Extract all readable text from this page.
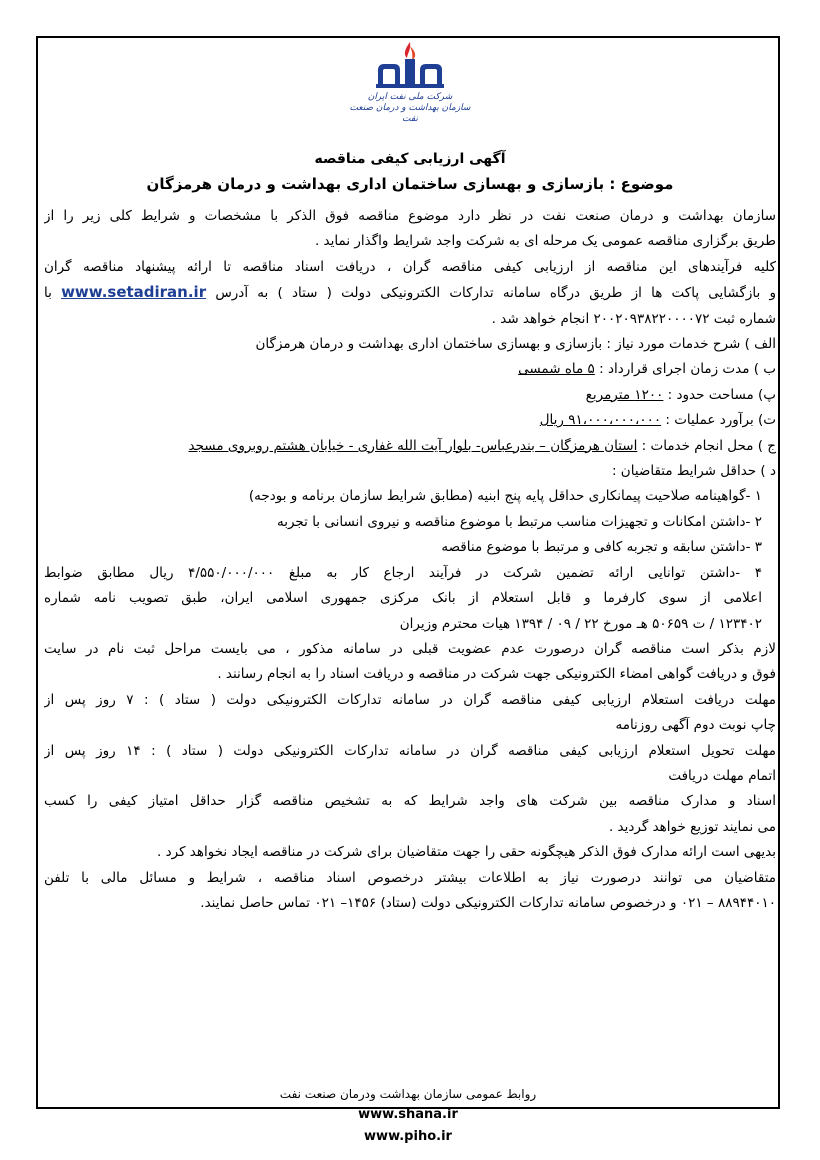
شرکت ملی نفت ایران
سازمان بهداشت و درمان صنعت نفت
آگهی ارزیابی کیفی مناقصه
موضوع : بازسازی و بهسازی ساختمان اداری بهداشت و درمان هرمزگان
سازمان بهداشت و درمان صنعت نفت در نظر دارد موضوع مناقصه فوق الذکر با مشخصات و شرایط کلی زیر را از
طریق برگزاری مناقصه عمومی یک مرحله ای به شرکت واجد شرایط واگذار نماید .
کلیه فرآیندهای این مناقصه از ارزیابی کیفی مناقصه گران ، دریافت اسناد مناقصه تا ارائه پیشنهاد مناقصه گران
و بازگشایی پاکت ها از طریق درگاه سامانه تدارکات الکترونیکی دولت ( ستاد ) به آدرس www.setadiran.ir با
شماره ثبت ۲۰۰۲۰۹۳۸۲۲۰۰۰۰۷۲ انجام خواهد شد .
الف ) شرح خدمات مورد نیاز : بازسازی و بهسازی ساختمان اداری بهداشت و درمان هرمزگان
ب ) مدت زمان اجرای قرارداد : ۵ ماه شمسی
پ) مساحت حدود : ۱۲۰۰ مترمربع
ت) برآورد عملیات : ۹۱،۰۰۰،۰۰۰،۰۰۰ ریال
ج ) محل انجام خدمات : استان هرمزگان – بندرعباس- بلوار آیت الله غفاری - خیابان هشتم روبروی مسجد
د ) حداقل شرایط متقاضیان :
۱ -گواهینامه صلاحیت پیمانکاری حداقل پایه پنج ابنیه (مطابق شرایط سازمان برنامه و بودجه)
۲ -داشتن امکانات و تجهیزات مناسب مرتبط با موضوع مناقصه و نیروی انسانی با تجربه
۳ -داشتن سابقه و تجربه کافی و مرتبط با موضوع مناقصه
۴ -داشتن توانایی ارائه تضمین شرکت در فرآیند ارجاع کار به مبلغ ۴/۵۵۰/۰۰۰/۰۰۰ ریال مطابق ضوابط
اعلامی از سوی کارفرما و قابل استعلام از بانک مرکزی جمهوری اسلامی ایران، طبق تصویب نامه شماره
۱۲۳۴۰۲ / ت ۵۰۶۵۹ هـ مورخ ۲۲ / ۰۹ / ۱۳۹۴ هیات محترم وزیران
لازم بذکر است مناقصه گران درصورت عدم عضویت قبلی در سامانه مذکور ، می بایست مراحل ثبت نام در سایت
فوق و دریافت گواهی امضاء الکترونیکی جهت شرکت در مناقصه و دریافت اسناد را به انجام رسانند .
مهلت دریافت استعلام ارزیابی کیفی مناقصه گران در سامانه تدارکات الکترونیکی دولت ( ستاد ) : ۷ روز پس از
چاپ نوبت دوم آگهی روزنامه
مهلت تحویل استعلام ارزیابی کیفی مناقصه گران در سامانه تدارکات الکترونیکی دولت ( ستاد ) : ۱۴ روز پس از
اتمام مهلت دریافت
اسناد و مدارک مناقصه بین شرکت های واجد شرایط که به تشخیص مناقصه گزار حداقل امتیاز کیفی را کسب
می نمایند توزیع خواهد گردید .
بدیهی است ارائه مدارک فوق الذکر هیچگونه حقی را جهت متقاضیان برای شرکت در مناقصه ایجاد نخواهد کرد .
متقاضیان می توانند درصورت نیاز به اطلاعات بیشتر درخصوص اسناد مناقصه ، شرایط و مسائل مالی با تلفن
۸۸۹۴۴۰۱۰ – ۰۲۱ و درخصوص سامانه تدارکات الکترونیکی دولت (ستاد) ۱۴۵۶– ۰۲۱ تماس حاصل نمایند.
روابط عمومی سازمان بهداشت ودرمان صنعت نفت
www.shana.ir
www.piho.ir
